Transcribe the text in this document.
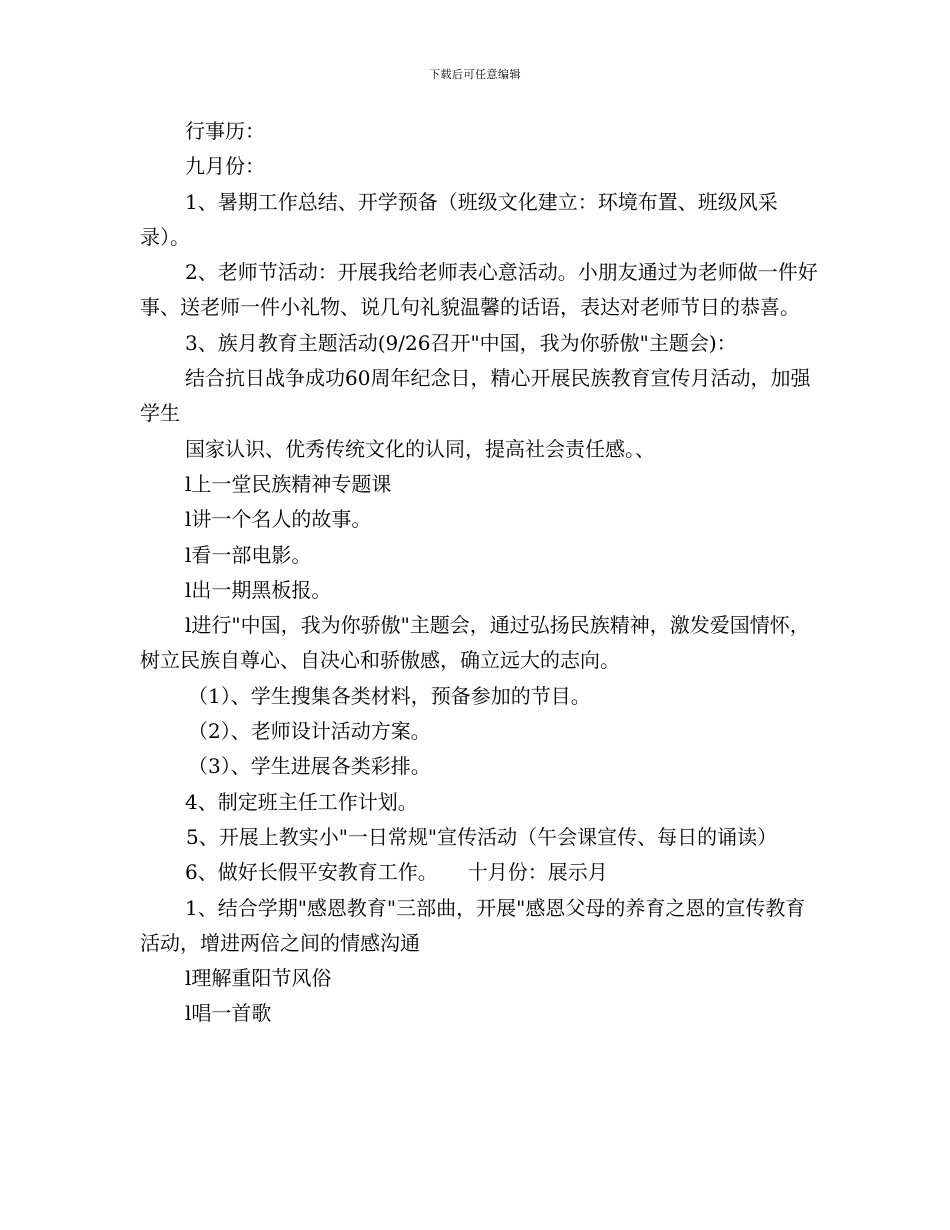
下载后可任意编辑

行事历：

九月份：

1、暑期工作总结、开学预备（班级文化建立：环境布置、班级风采录）。

2、老师节活动：开展我给老师表心意活动。小朋友通过为老师做一件好事、送老师一件小礼物、说几句礼貌温馨的话语，表达对老师节日的恭喜。

3、族月教育主题活动(9/26召开"中国，我为你骄傲"主题会)：

结合抗日战争成功60周年纪念日，精心开展民族教育宣传月活动，加强学生

国家认识、优秀传统文化的认同，提高社会责任感。、

l上一堂民族精神专题课

l讲一个名人的故事。

l看一部电影。

l出一期黑板报。

l进行"中国，我为你骄傲"主题会，通过弘扬民族精神，激发爱国情怀，树立民族自尊心、自决心和骄傲感，确立远大的志向。

（1）、学生搜集各类材料，预备参加的节目。

（2）、老师设计活动方案。

（3）、学生进展各类彩排。

4、制定班主任工作计划。

5、开展上教实小"一日常规"宣传活动（午会课宣传、每日的诵读）

6、做好长假平安教育工作。　　十月份：展示月

1、结合学期"感恩教育"三部曲，开展"感恩父母的养育之恩的宣传教育活动，增进两倍之间的情感沟通

l理解重阳节风俗

l唱一首歌
